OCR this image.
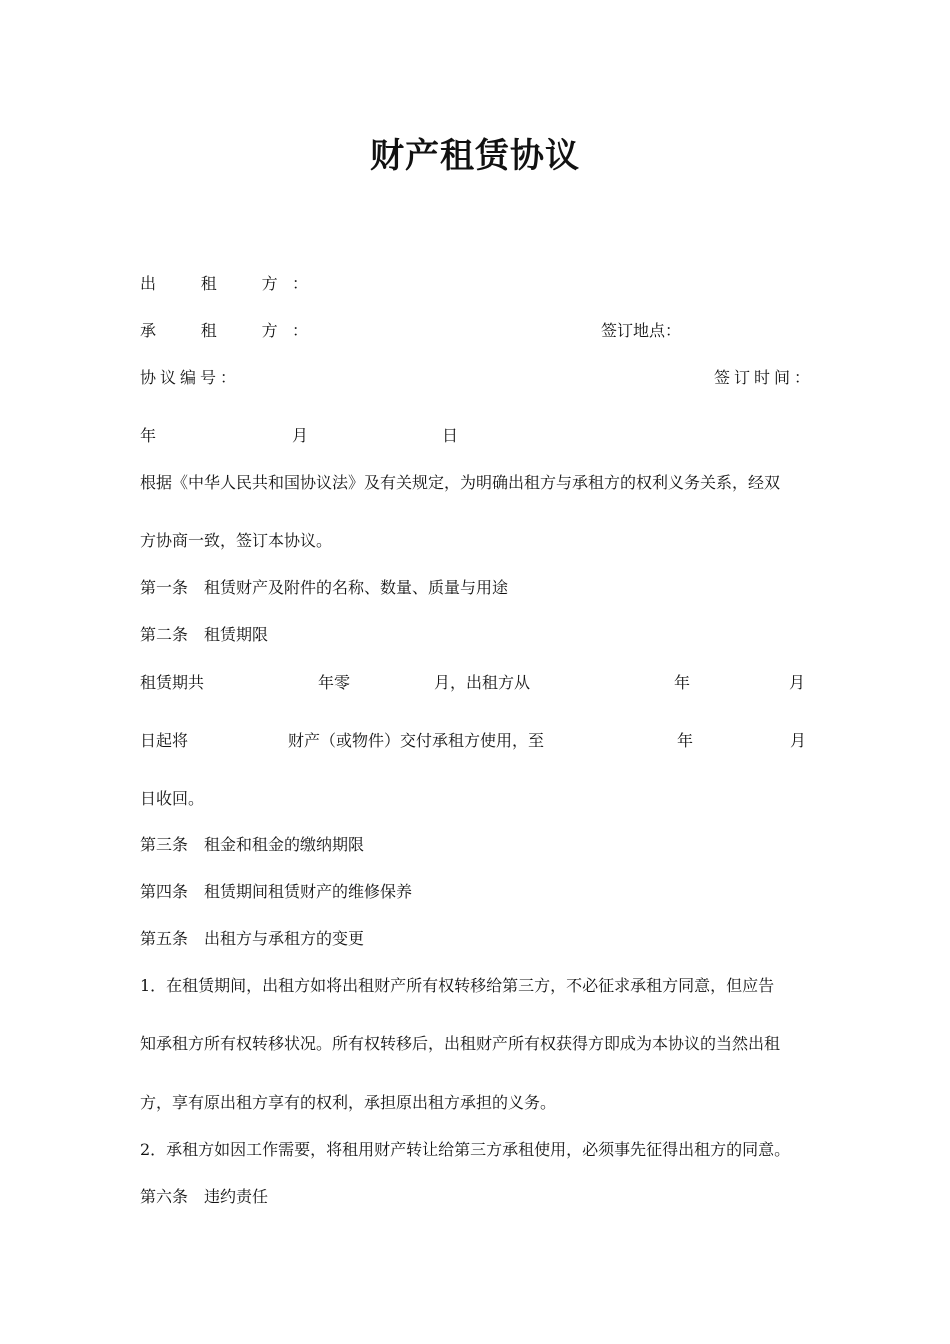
财产租赁协议
出　租　方：
承　租　方：	签订地点：
协议编号：	签订时间：
年	月	日
根据《中华人民共和国协议法》及有关规定，为明确出租方与承租方的权利义务关系，经双
方协商一致，签订本协议。
第一条　租赁财产及附件的名称、数量、质量与用途
第二条　租赁期限
租赁期共	年零	月，出租方从	年	月
日起将	财产（或物件）交付承租方使用，至	年	月
日收回。
第三条　租金和租金的缴纳期限
第四条　租赁期间租赁财产的维修保养
第五条　出租方与承租方的变更
1．在租赁期间，出租方如将出租财产所有权转移给第三方，不必征求承租方同意，但应告
知承租方所有权转移状况。所有权转移后，出租财产所有权获得方即成为本协议的当然出租
方，享有原出租方享有的权利，承担原出租方承担的义务。
2．承租方如因工作需要，将租用财产转让给第三方承租使用，必须事先征得出租方的同意。
第六条　违约责任
